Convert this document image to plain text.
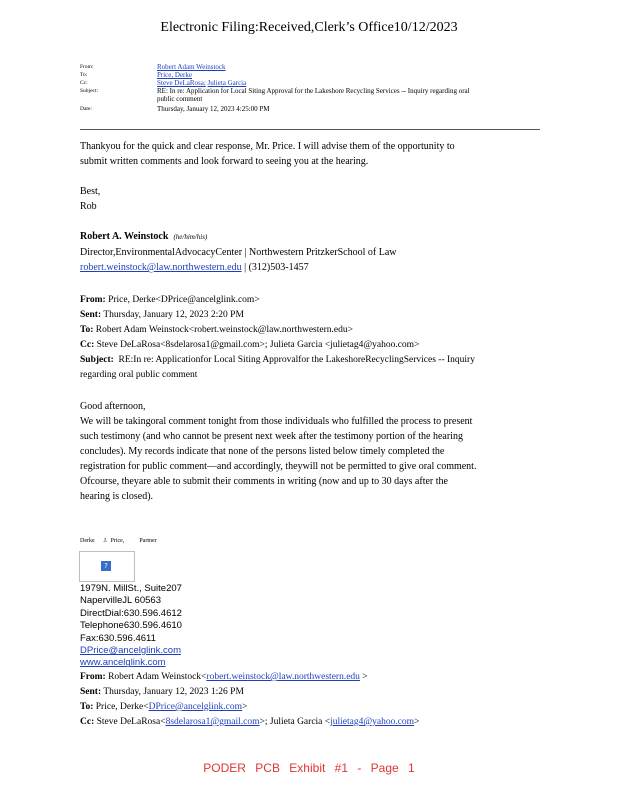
Electronic Filing:Received,Clerk’s Office10/12/2023
From:	Robert Adam Weinstock
To:	Price, Derke
Cc:	Steve DeLaRosa; Julieta Garcia
Subject:	RE: In re: Application for Local Siting Approval for the Lakeshore Recycling Services -- Inquiry regarding oral
public comment
Date:	Thursday, January 12, 2023 4:25:00 PM

Thankyou for the quick and clear response, Mr. Price. I will advise them of the opportunity to

submit written comments and look forward to seeing you at the hearing.

Best,

Rob

Robert A. Weinstock (he/him/his)

Director,EnvironmentalAdvocacyCenter | Northwestern PritzkerSchool of Law

robert.weinstock@law.northwestern.edu | (312)503-1457

From: Price, Derke<DPrice@ancelglink.com>

Sent: Thursday, January 12, 2023 2:20 PM

To: Robert Adam Weinstock<robert.weinstock@law.northwestern.edu>

Cc: Steve DeLaRosa<8sdelarosa1@gmail.com>; Julieta Garcia <julietag4@yahoo.com>

Subject: RE:In re: Applicationfor Local Siting Approvalfor the LakeshoreRecyclingServices -- Inquiry

regarding oral public comment

Good afternoon,

We will be takingoral comment tonight from those individuals who fulfilled the process to present

such testimony (and who cannot be present next week after the testimony portion of the hearing

concludes). My records indicate that none of the persons listed below timely completed the

registration for public comment—and accordingly, theywill not be permitted to give oral comment.

Ofcourse, theyare able to submit their comments in writing (now and up to 30 days after the

hearing is closed).

Derke      J.  Price,          Partner
?
1979N. MillSt., Suite207
NapervilleJL 60563
DirectDial:630.596.4612
Telephone630.596.4610
Fax:630.596.4611
DPrice@ancelglink.com
www.ancelglink.com

From: Robert Adam Weinstock<robert.weinstock@law.northwestern.edu >

Sent: Thursday, January 12, 2023 1:26 PM

To: Price, Derke<DPrice@ancelglink.com>

Cc: Steve DeLaRosa<8sdelarosa1@gmail.com>; Julieta Garcia <julietag4@yahoo.com>

PODER PCB Exhibit #1 - Page 1
